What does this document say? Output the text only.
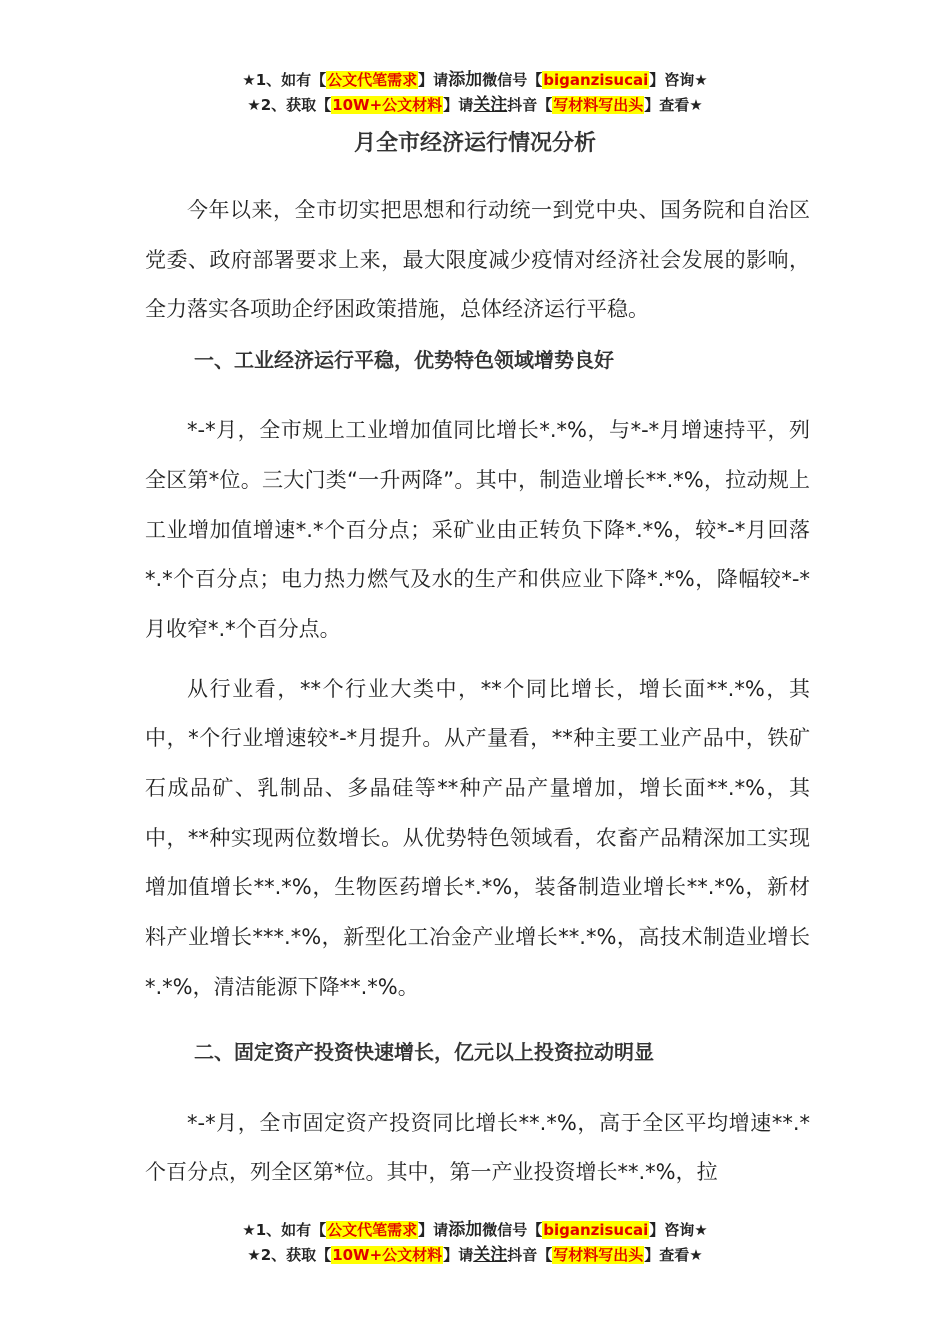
★1、如有【公文代笔需求】请添加微信号【biganzisucai】咨询★
★2、获取【10W+公文材料】请关注抖音【写材料写出头】查看★
月全市经济运行情况分析

今年以来，全市切实把思想和行动统一到党中央、国务院和自治区党委、政府部署要求上来，最大限度减少疫情对经济社会发展的影响，全力落实各项助企纾困政策措施，总体经济运行平稳。

一、工业经济运行平稳，优势特色领域增势良好

*-*月，全市规上工业增加值同比增长*.*%，与*-*月增速持平，列全区第*位。三大门类“一升两降”。其中，制造业增长**.*%，拉动规上工业增加值增速*.*个百分点；采矿业由正转负下降*.*%，较*-*月回落*.*个百分点；电力热力燃气及水的生产和供应业下降*.*%，降幅较*-*月收窄*.*个百分点。

从行业看，**个行业大类中，**个同比增长，增长面**.*%，其中，*个行业增速较*-*月提升。从产量看，**种主要工业产品中，铁矿石成品矿、乳制品、多晶硅等**种产品产量增加，增长面**.*%，其中，**种实现两位数增长。从优势特色领域看，农畜产品精深加工实现增加值增长**.*%，生物医药增长*.*%，装备制造业增长**.*%，新材料产业增长***.*%，新型化工冶金产业增长**.*%，高技术制造业增长*.*%，清洁能源下降**.*%。

二、固定资产投资快速增长，亿元以上投资拉动明显

*-*月，全市固定资产投资同比增长**.*%，高于全区平均增速**.*个百分点，列全区第*位。其中，第一产业投资增长**.*%，拉

★1、如有【公文代笔需求】请添加微信号【biganzisucai】咨询★
★2、获取【10W+公文材料】请关注抖音【写材料写出头】查看★
